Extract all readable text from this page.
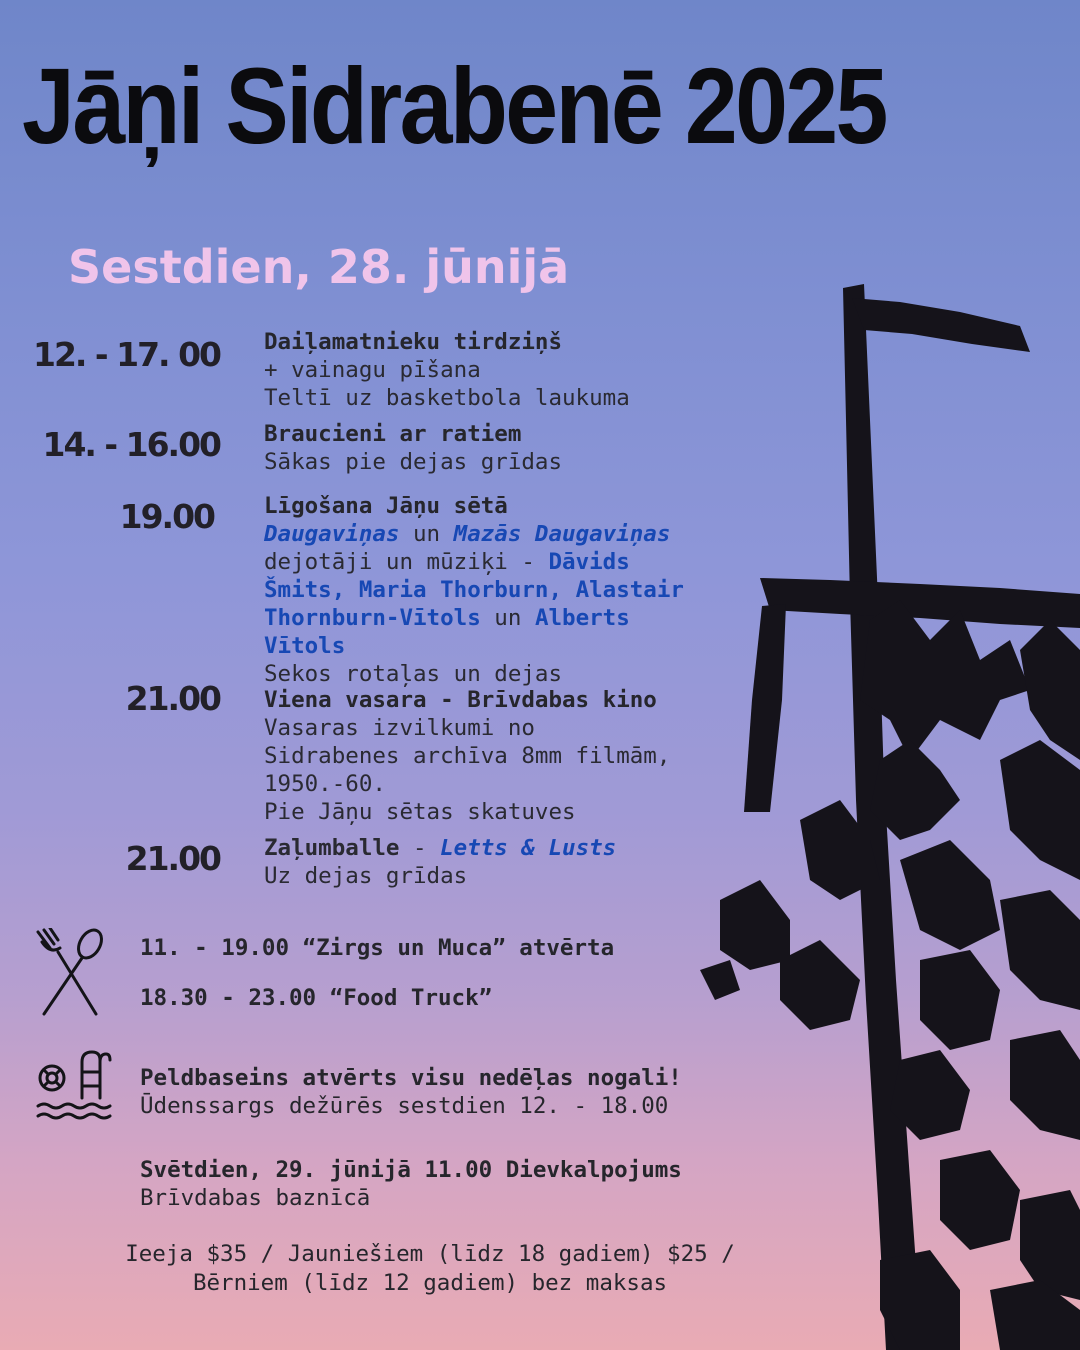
Jāņi Sidrabenē 2025
Sestdien, 28. jūnijā
12. - 17. 00 Daiļamatnieku tirdziņš
+ vainagu pīšana
Teltī uz basketbola laukuma
14. - 16.00 Braucieni ar ratiem
Sākas pie dejas grīdas
19.00 Līgošana Jāņu sētā
Daugaviņas un Mazās Daugaviņas
dejotāji un mūziķi - Dāvids
Šmits, Maria Thorburn, Alastair
Thornburn-Vītols un Alberts
Vītols
Sekos rotaļas un dejas
21.00 Viena vasara - Brīvdabas kino
Vasaras izvilkumi no
Sidrabenes archīva 8mm filmām,
1950.-60.
Pie Jāņu sētas skatuves
21.00 Zaļumballe - Letts & Lusts
Uz dejas grīdas
11. - 19.00 “Zirgs un Muca” atvērta
18.30 - 23.00 “Food Truck”
Peldbaseins atvērts visu nedēļas nogali!
Ūdenssargs dežūrēs sestdien 12. - 18.00
Svētdien, 29. jūnijā 11.00 Dievkalpojums
Brīvdabas baznīcā
Ieeja $35 / Jauniešiem (līdz 18 gadiem) $25 /
Bērniem (līdz 12 gadiem) bez maksas
